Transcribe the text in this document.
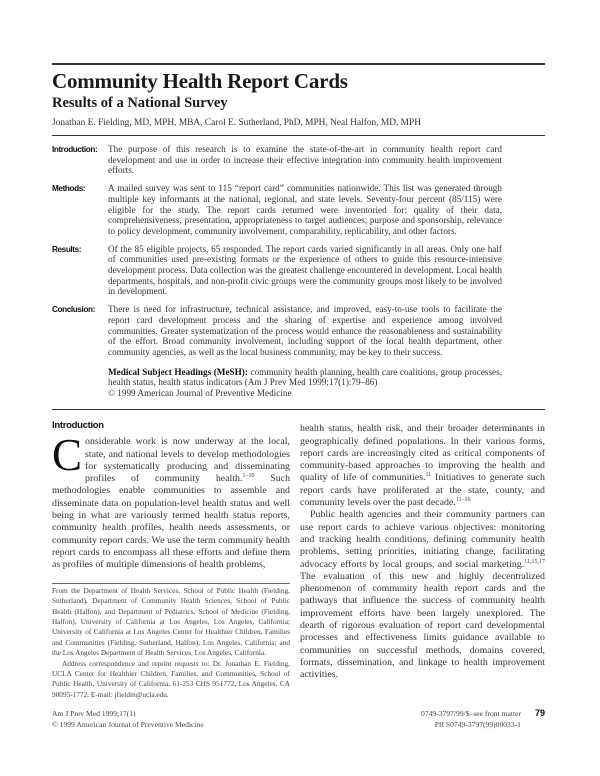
Community Health Report Cards
Results of a National Survey
Jonathan E. Fielding, MD, MPH, MBA, Carol E. Sutherland, PhD, MPH, Neal Halfon, MD, MPH
Introduction:	The purpose of this research is to examine the state-of-the-art in community health report card development and use in order to increase their effective integration into community health improvement efforts.
Methods:	A mailed survey was sent to 115 “report card” communities nationwide. This list was generated through multiple key informants at the national, regional, and state levels. Seventy-four percent (85/115) were eligible for the study. The report cards returned were inventoried for: quality of their data, comprehensiveness, presentation, appropriateness to target audiences, purpose and sponsorship, relevance to policy development, community involvement, comparability, replicability, and other factors.
Results:	Of the 85 eligible projects, 65 responded. The report cards varied significantly in all areas. Only one half of communities used pre-existing formats or the experience of others to guide this resource-intensive development process. Data collection was the greatest challenge encountered in development. Local health departments, hospitals, and non-profit civic groups were the community groups most likely to be involved in development.
Conclusion:	There is need for infrastructure, technical assistance, and improved, easy-to-use tools to facilitate the report card development process and the sharing of expertise and experience among involved communities. Greater systematization of the process would enhance the reasonableness and sustainability of the effort. Broad community involvement, including support of the local health department, other community agencies, as well as the local business community, may be key to their success.
Medical Subject Headings (MeSH): community health planning, health care coalitions, group processes, health status, health status indicators (Am J Prev Med 1999;17(1):79–86)
© 1999 American Journal of Preventive Medicine
Introduction

Considerable work is now underway at the local, state, and national levels to develop methodologies for systematically producing and disseminating profiles of community health.$^{1-10}$ Such methodologies enable communities to assemble and disseminate data on population-level health status and well being in what are variously termed health status reports, community health profiles, health needs assessments, or community report cards. We use the term community health report cards to encompass all these efforts and define them as profiles of multiple dimensions of health problems,

From the Department of Health Services, School of Public Health (Fielding, Sutherland), Department of Community Health Sciences, School of Public Health (Halfon), and Department of Pediatrics, School of Medicine (Fielding, Halfon), University of California at Los Angeles, Los Angeles, California; University of California at Los Angeles Center for Healthier Children, Families and Communities (Fielding, Sutherland, Halfon), Los Angeles, California; and the Los Angeles Department of Health Services, Los Angeles, California.

Address correspondence and reprint requests to: Dr. Jonathan E. Fielding, UCLA Center for Healthier Children, Families, and Communities, School of Public Health, University of California, 61-253 CHS 951772, Los Angeles, CA 90095-1772. E-mail: jfieldin@ucla.edu.

health status, health risk, and their broader determinants in geographically defined populations. In their various forms, report cards are increasingly cited as critical components of community-based approaches to improving the health and quality of life of communities.$^{11}$ Initiatives to generate such report cards have proliferated at the state, county, and community levels over the past decade.$^{11-16}$

Public health agencies and their community partners can use report cards to achieve various objectives: monitoring and tracking health conditions, defining community health problems, setting priorities, initiating change, facilitating advocacy efforts by local groups, and social marketing.$^{11,15,17}$ The evaluation of this new and highly decentralized phenomenon of community health report cards and the pathways that influence the success of community health improvement efforts have been largely unexplored. The dearth of rigorous evaluation of report card developmental processes and effectiveness limits guidance available to communities on successful methods, domains covered, formats, dissemination, and linkage to health improvement activities.

Am J Prev Med 1999;17(1)
© 1999 American Journal of Preventive Medicine
0749-3797/99/$–see front matter
PII S0749-3797(99)00033-1
79
